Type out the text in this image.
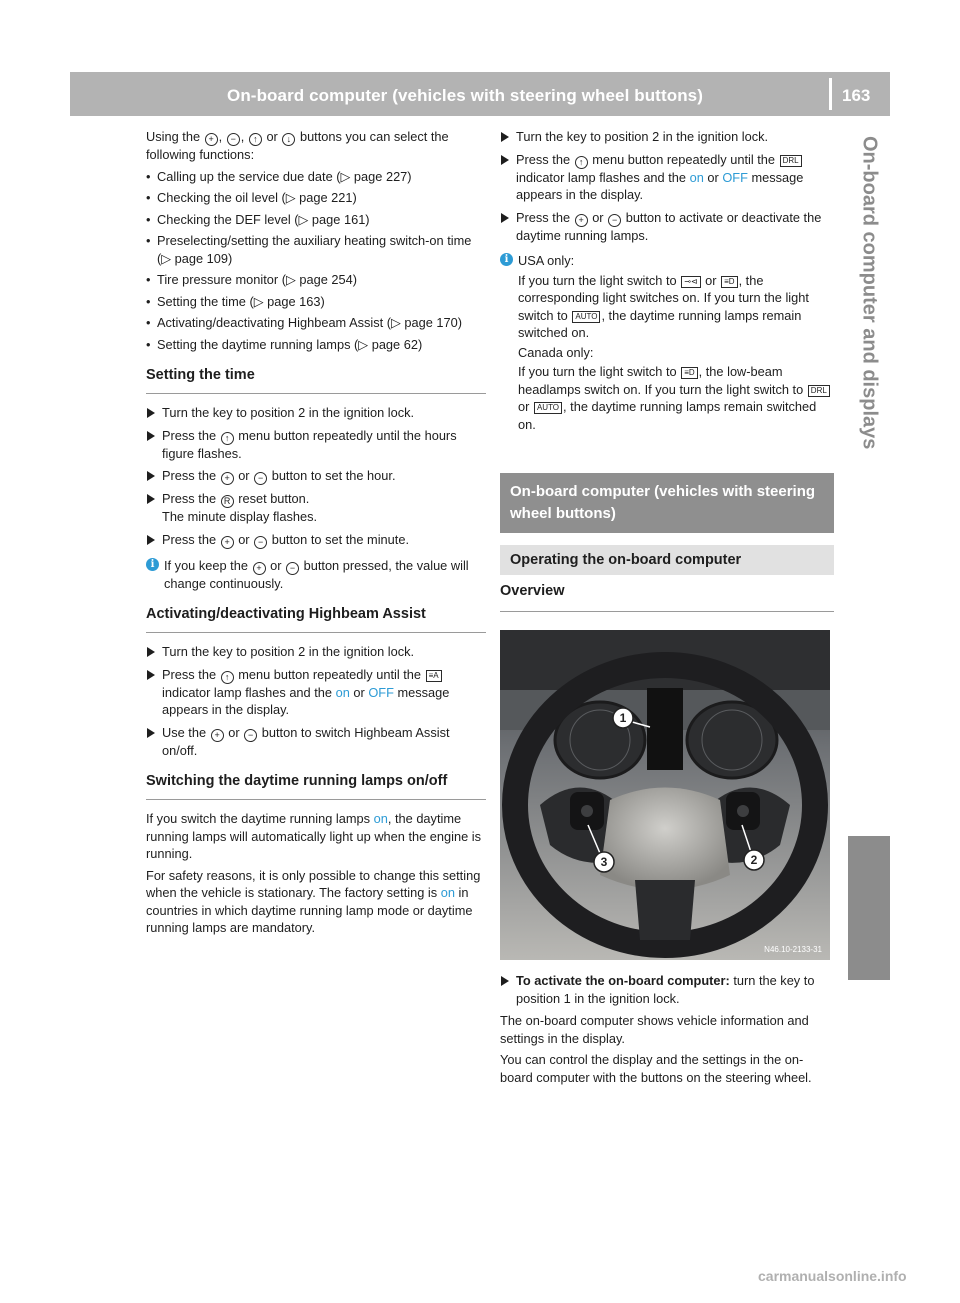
On-board computer (vehicles with steering wheel buttons)	163
On-board computer and displays

Using the + , − , ↑ or ↓ buttons you can select the following functions:

• Calling up the service due date (▷ page 227)
• Checking the oil level (▷ page 221)
• Checking the DEF level (▷ page 161)
• Preselecting/setting the auxiliary heating switch-on time (▷ page 109)
• Tire pressure monitor (▷ page 254)
• Setting the time (▷ page 163)
• Activating/deactivating Highbeam Assist (▷ page 170)
• Setting the daytime running lamps (▷ page 62)
Setting the time
Turn the key to position 2 in the ignition lock.
Press the ↑ menu button repeatedly until the hours figure flashes.
Press the + or − button to set the hour.
Press the R reset button.
The minute display flashes.
Press the + or − button to set the minute.
i If you keep the + or − button pressed, the value will change continuously.

Activating/deactivating Highbeam Assist
Turn the key to position 2 in the ignition lock.
Press the ↑ menu button repeatedly until the ≡A indicator lamp flashes and the on or OFF message appears in the display.
Use the + or − button to switch Highbeam Assist on/off.
Switching the daytime running lamps on/off

If you switch the daytime running lamps on, the daytime running lamps will automatically light up when the engine is running.

For safety reasons, it is only possible to change this setting when the vehicle is stationary. The factory setting is on in countries in which daytime running lamp mode or daytime running lamps are mandatory.

Turn the key to position 2 in the ignition lock.
Press the ↑ menu button repeatedly until the DRL indicator lamp flashes and the on or OFF message appears in the display.
Press the + or − button to activate or deactivate the daytime running lamps.
i USA only:

If you turn the light switch to ⊸⊲ or ≡D , the corresponding light switches on. If you turn the light switch to AUTO , the daytime running lamps remain switched on.

Canada only:

If you turn the light switch to ≡D , the low-beam headlamps switch on. If you turn the light switch to DRL or AUTO , the daytime running lamps remain switched on.

On-board computer (vehicles with steering wheel buttons)
Operating the on-board computer
Overview
1
3	2
N46.10-2133-31
To activate the on-board computer: turn the key to position 1 in the ignition lock.

The on-board computer shows vehicle information and settings in the display.

You can control the display and the settings in the on-board computer with the buttons on the steering wheel.

carmanualsonline.info
